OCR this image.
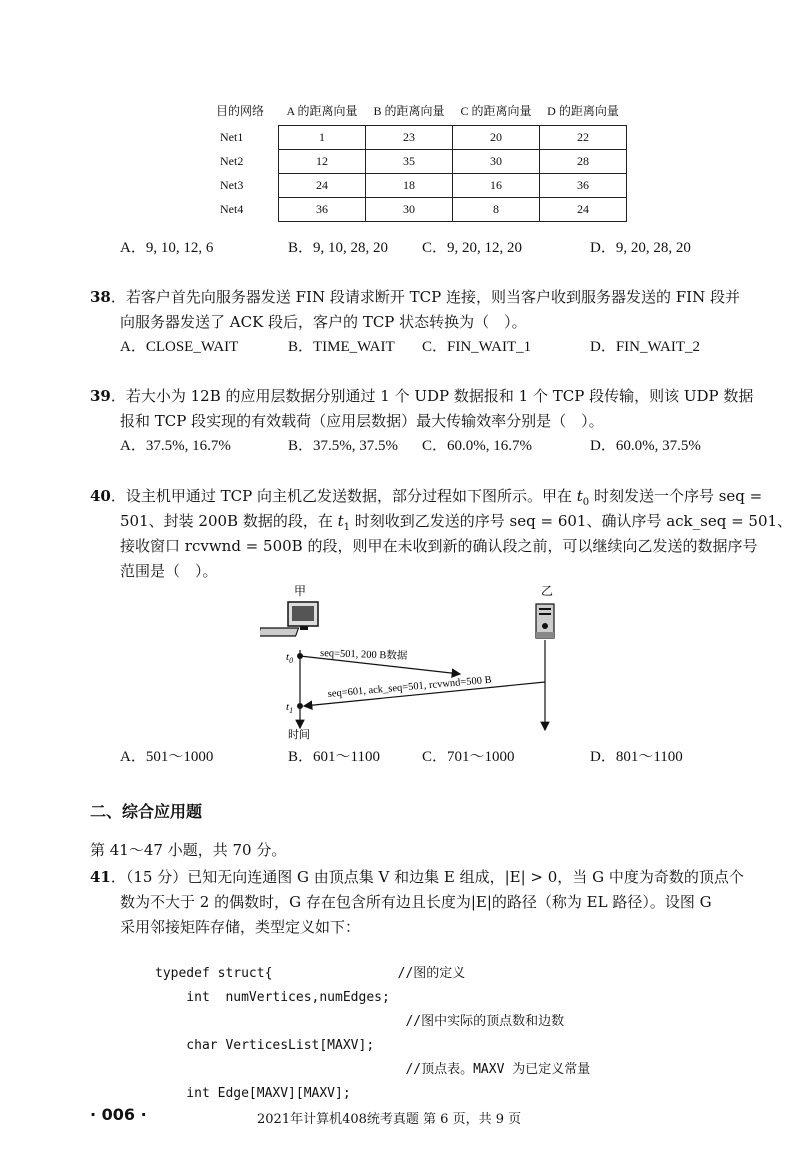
目的网络	A 的距离向量	B 的距离向量	C 的距离向量	D 的距离向量
Net1	1	23	20	22
Net2	12	35	30	28
Net3	24	18	16	36
Net4	36	30	8	24
A．9, 10, 12, 6	B．9, 10, 28, 20 C．9, 20, 12, 20	D．9, 20, 28, 20
38．若客户首先向服务器发送 FIN 段请求断开 TCP 连接，则当客户收到服务器发送的 FIN 段并
向服务器发送了 ACK 段后，客户的 TCP 状态转换为（　）。
A．CLOSE_WAIT	B．TIME_WAIT C．FIN_WAIT_1	D．FIN_WAIT_2
39．若大小为 12B 的应用层数据分别通过 1 个 UDP 数据报和 1 个 TCP 段传输，则该 UDP 数据
报和 TCP 段实现的有效载荷（应用层数据）最大传输效率分别是（　）。
A．37.5%, 16.7%	B．37.5%, 37.5% C．60.0%, 16.7%	D．60.0%, 37.5%
40．设主机甲通过 TCP 向主机乙发送数据，部分过程如下图所示。甲在 $t_0$ 时刻发送一个序号 seq =
501、封装 200B 数据的段，在 $t_1$ 时刻收到乙发送的序号 seq = 601、确认序号 ack_seq = 501、
接收窗口 rcvwnd = 500B 的段，则甲在未收到新的确认段之前，可以继续向乙发送的数据序号
范围是（　）。
甲	乙
$t_0$
$t_1$
seq=501, 200 B数据
seq=601, ack_seq=501, rcvwnd=500 B
时间
A．501～1000	B．601～1100	C．701～1000	D．801～1100
二、综合应用题
第 41～47 小题，共 70 分。
41．（15 分）已知无向连通图 G 由顶点集 V 和边集 E 组成，|E| > 0，当 G 中度为奇数的顶点个
数为不大于 2 的偶数时，G 存在包含所有边且长度为|E|的路径（称为 EL 路径）。设图 G
采用邻接矩阵存储，类型定义如下：

typedef struct{                //图的定义
int  numVertices,numEdges;
//图中实际的顶点数和边数
char VerticesList[MAXV];
//顶点表。MAXV 为已定义常量
int Edge[MAXV][MAXV];

· 006 ·	2021年计算机408统考真题 第 6 页，共 9 页
